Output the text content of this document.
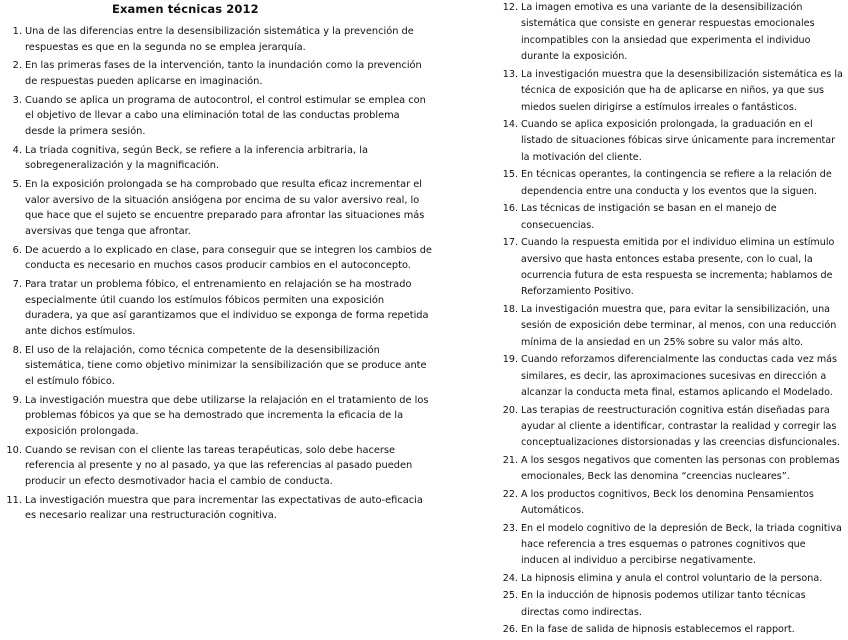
Examen técnicas 2012
1. Una de las diferencias entre la desensibilización sistemática y la prevención de respuestas es que en la segunda no se emplea jerarquía.
2. En las primeras fases de la intervención, tanto la inundación como la prevención de respuestas pueden aplicarse en imaginación.
3. Cuando se aplica un programa de autocontrol, el control estimular se emplea con el objetivo de llevar a cabo una eliminación total de las conductas problema desde la primera sesión.
4. La triada cognitiva, según Beck, se refiere a la inferencia arbitraria, la sobregeneralización y la magnificación.
5. En la exposición prolongada se ha comprobado que resulta eficaz incrementar el valor aversivo de la situación ansiógena por encima de su valor aversivo real, lo que hace que el sujeto se encuentre preparado para afrontar las situaciones más aversivas que tenga que afrontar.
6. De acuerdo a lo explicado en clase, para conseguir que se integren los cambios de conducta es necesario en muchos casos producir cambios en el autoconcepto.
7. Para tratar un problema fóbico, el entrenamiento en relajación se ha mostrado especialmente útil cuando los estímulos fóbicos permiten una exposición duradera, ya que así garantizamos que el individuo se exponga de forma repetida ante dichos estímulos.
8. El uso de la relajación, como técnica competente de la desensibilización sistemática, tiene como objetivo minimizar la sensibilización que se produce ante el estímulo fóbico.
9. La investigación muestra que debe utilizarse la relajación en el tratamiento de los problemas fóbicos ya que se ha demostrado que incrementa la eficacia de la exposición prolongada.
10. Cuando se revisan con el cliente las tareas terapéuticas, solo debe hacerse referencia al presente y no al pasado, ya que las referencias al pasado pueden producir un efecto desmotivador hacia el cambio de conducta.
11. La investigación muestra que para incrementar las expectativas de auto-eficacia es necesario realizar una restructuración cognitiva.
12. La imagen emotiva es una variante de la desensibilización sistemática que consiste en generar respuestas emocionales incompatibles con la ansiedad que experimenta el individuo durante la exposición.
13. La investigación muestra que la desensibilización sistemática es la técnica de exposición que ha de aplicarse en niños, ya que sus miedos suelen dirigirse a estímulos irreales o fantásticos.
14. Cuando se aplica exposición prolongada, la graduación en el listado de situaciones fóbicas sirve únicamente para incrementar la motivación del cliente.
15. En técnicas operantes, la contingencia se refiere a la relación de dependencia entre una conducta y los eventos que la siguen.
16. Las técnicas de instigación se basan en el manejo de consecuencias.
17. Cuando la respuesta emitida por el individuo elimina un estímulo aversivo que hasta entonces estaba presente, con lo cual, la ocurrencia futura de esta respuesta se incrementa; hablamos de Reforzamiento Positivo.
18. La investigación muestra que, para evitar la sensibilización, una sesión de exposición debe terminar, al menos, con una reducción mínima de la ansiedad en un 25% sobre su valor más alto.
19. Cuando reforzamos diferencialmente las conductas cada vez más similares, es decir, las aproximaciones sucesivas en dirección a alcanzar la conducta meta final, estamos aplicando el Modelado.
20. Las terapias de reestructuración cognitiva están diseñadas para ayudar al cliente a identificar, contrastar la realidad y corregir las conceptualizaciones distorsionadas y las creencias disfuncionales.
21. A los sesgos negativos que comenten las personas con problemas emocionales, Beck las denomina “creencias nucleares”.
22. A los productos cognitivos, Beck los denomina Pensamientos Automáticos.
23. En el modelo cognitivo de la depresión de Beck, la triada cognitiva hace referencia a tres esquemas o patrones cognitivos que inducen al individuo a percibirse negativamente.
24. La hipnosis elimina y anula el control voluntario de la persona.
25. En la inducción de hipnosis podemos utilizar tanto técnicas directas como indirectas.
26. En la fase de salida de hipnosis establecemos el rapport.
